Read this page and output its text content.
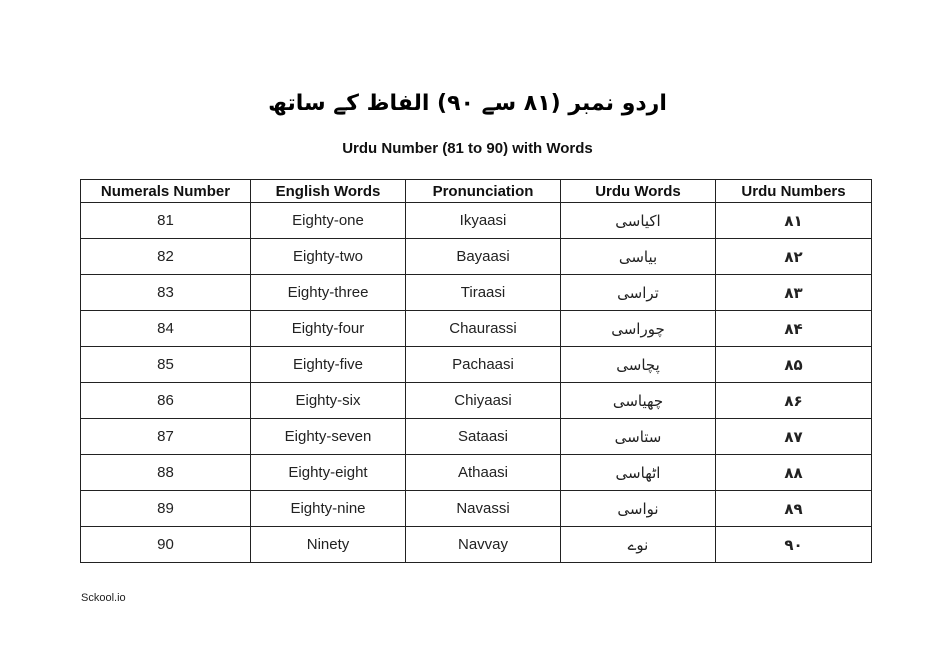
اردو نمبر (۸۱ سے ۹۰) الفاظ کے ساتھ
Urdu Number (81 to 90) with Words
Numerals Number	English Words	Pronunciation	Urdu Words	Urdu Numbers
81	Eighty-one	Ikyaasi	اکیاسی	۸۱
82	Eighty-two	Bayaasi	بیاسی	۸۲
83	Eighty-three	Tiraasi	تراسی	۸۳
84	Eighty-four	Chaurassi	چوراسی	۸۴
85	Eighty-five	Pachaasi	پچاسی	۸۵
86	Eighty-six	Chiyaasi	چھیاسی	۸۶
87	Eighty-seven	Sataasi	ستاسی	۸۷
88	Eighty-eight	Athaasi	اٹھاسی	۸۸
89	Eighty-nine	Navassi	نواسی	۸۹
90	Ninety	Navvay	نوے	۹۰
Sckool.io
